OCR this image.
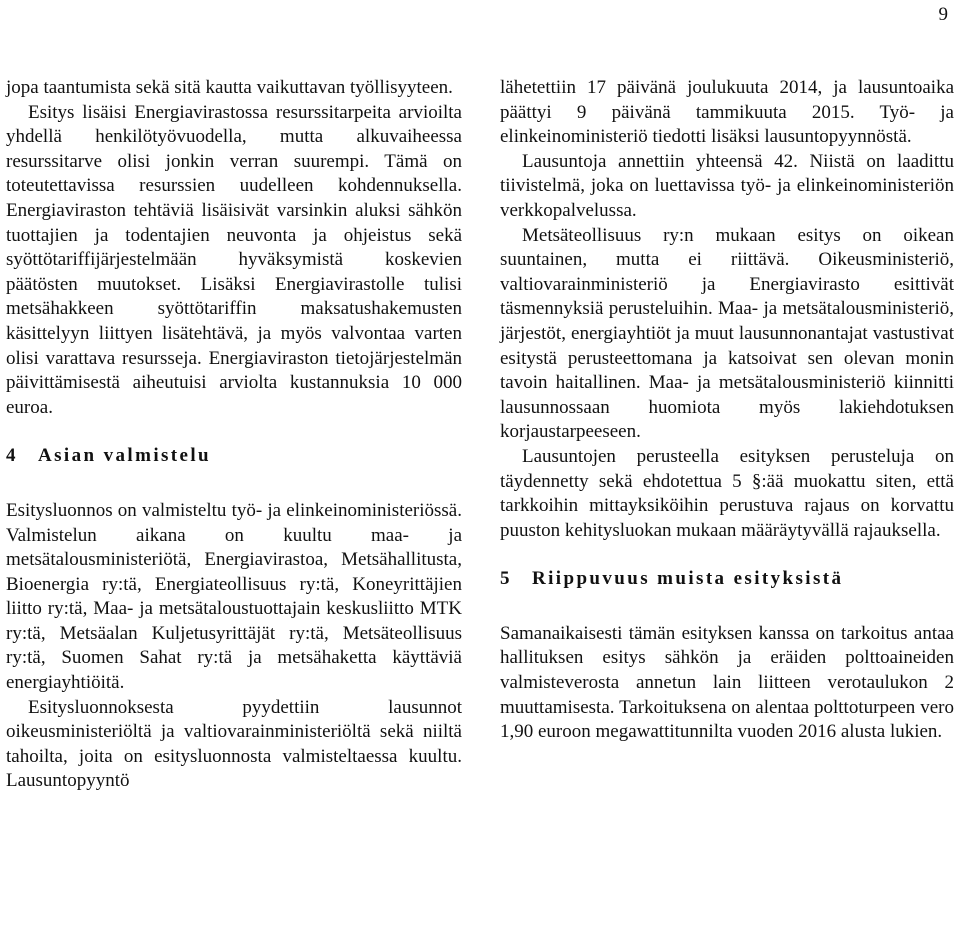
9

jopa taantumista sekä sitä kautta vaikuttavan työllisyyteen.

Esitys lisäisi Energiavirastossa resurssitarpeita arvioilta yhdellä henkilötyövuodella, mutta alkuvaiheessa resurssitarve olisi jonkin verran suurempi. Tämä on toteutettavissa resurssien uudelleen kohdennuksella. Energiaviraston tehtäviä lisäisivät varsinkin aluksi sähkön tuottajien ja todentajien neuvonta ja ohjeistus sekä syöttötariffijärjestelmään hyväksymistä koskevien päätösten muutokset. Lisäksi Energiavirastolle tulisi metsähakkeen syöttötariffin maksatushakemusten käsittelyyn liittyen lisätehtävä, ja myös valvontaa varten olisi varattava resursseja. Energiaviraston tietojärjestelmän päivittämisestä aiheutuisi arviolta kustannuksia 10 000 euroa.

4 Asian valmistelu

Esitysluonnos on valmisteltu työ- ja elinkeinoministeriössä. Valmistelun aikana on kuultu maa- ja metsätalousministeriötä, Energiavirastoa, Metsähallitusta, Bioenergia ry:tä, Energiateollisuus ry:tä, Koneyrittäjien liitto ry:tä, Maa- ja metsätaloustuottajain keskusliitto MTK ry:tä, Metsäalan Kuljetusyrittäjät ry:tä, Metsäteollisuus ry:tä, Suomen Sahat ry:tä ja metsähaketta käyttäviä energiayhtiöitä.

Esitysluonnoksesta pyydettiin lausunnot oikeusministeriöltä ja valtiovarainministeriöltä sekä niiltä tahoilta, joita on esitysluonnosta valmisteltaessa kuultu. Lausuntopyyntö

lähetettiin 17 päivänä joulukuuta 2014, ja lausuntoaika päättyi 9 päivänä tammikuuta 2015. Työ- ja elinkeinoministeriö tiedotti lisäksi lausuntopyynnöstä.

Lausuntoja annettiin yhteensä 42. Niistä on laadittu tiivistelmä, joka on luettavissa työ- ja elinkeinoministeriön verkkopalvelussa.

Metsäteollisuus ry:n mukaan esitys on oikean suuntainen, mutta ei riittävä. Oikeusministeriö, valtiovarainministeriö ja Energiavirasto esittivät täsmennyksiä perusteluihin. Maa- ja metsätalousministeriö, järjestöt, energiayhtiöt ja muut lausunnonantajat vastustivat esitystä perusteettomana ja katsoivat sen olevan monin tavoin haitallinen. Maa- ja metsätalousministeriö kiinnitti lausunnossaan huomiota myös lakiehdotuksen korjaustarpeeseen.

Lausuntojen perusteella esityksen perusteluja on täydennetty sekä ehdotettua 5 §:ää muokattu siten, että tarkkoihin mittayksiköihin perustuva rajaus on korvattu puuston kehitysluokan mukaan määräytyvällä rajauksella.

5 Riippuvuus muista esityksistä

Samanaikaisesti tämän esityksen kanssa on tarkoitus antaa hallituksen esitys sähkön ja eräiden polttoaineiden valmisteverosta annetun lain liitteen verotaulukon 2 muuttamisesta. Tarkoituksena on alentaa polttoturpeen vero 1,90 euroon megawattitunnilta vuoden 2016 alusta lukien.
